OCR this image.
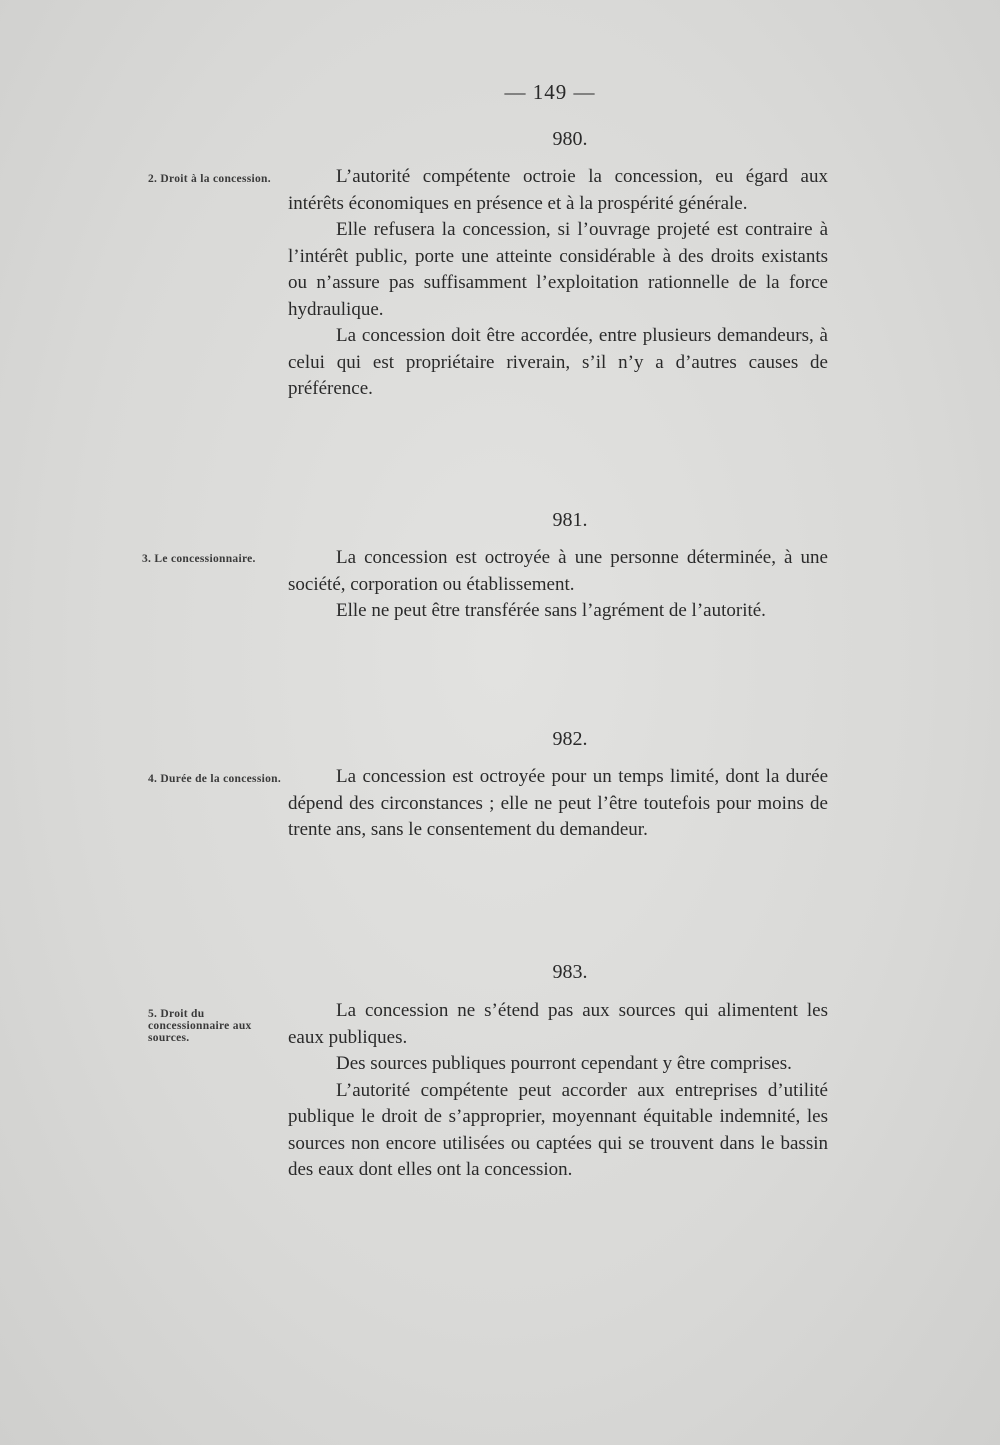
— 149 —
980.
2. Droit à la concession.	L’autorité compétente octroie la concession, eu égard aux intérêts économiques en présence et à la prospérité générale.

Elle refusera la concession, si l’ouvrage projeté est contraire à l’intérêt public, porte une atteinte considérable à des droits existants ou n’assure pas suffisamment l’exploitation rationnelle de la force hydraulique.

La concession doit être accordée, entre plusieurs demandeurs, à celui qui est propriétaire riverain, s’il n’y a d’autres causes de préférence.

981.
3. Le concessionnaire.	La concession est octroyée à une personne déterminée, à une société, corporation ou établissement.

Elle ne peut être transférée sans l’agrément de l’autorité.

982.
4. Durée de la concession.	La concession est octroyée pour un temps limité, dont la durée dépend des circonstances ; elle ne peut l’être toutefois pour moins de trente ans, sans le consentement du demandeur.

983.
5. Droit du concessionnaire aux sources.

La concession ne s’étend pas aux sources qui alimentent les eaux publiques.

Des sources publiques pourront cependant y être comprises.

L’autorité compétente peut accorder aux entreprises d’utilité publique le droit de s’approprier, moyennant équitable indemnité, les sources non encore utilisées ou captées qui se trouvent dans le bassin des eaux dont elles ont la concession.
